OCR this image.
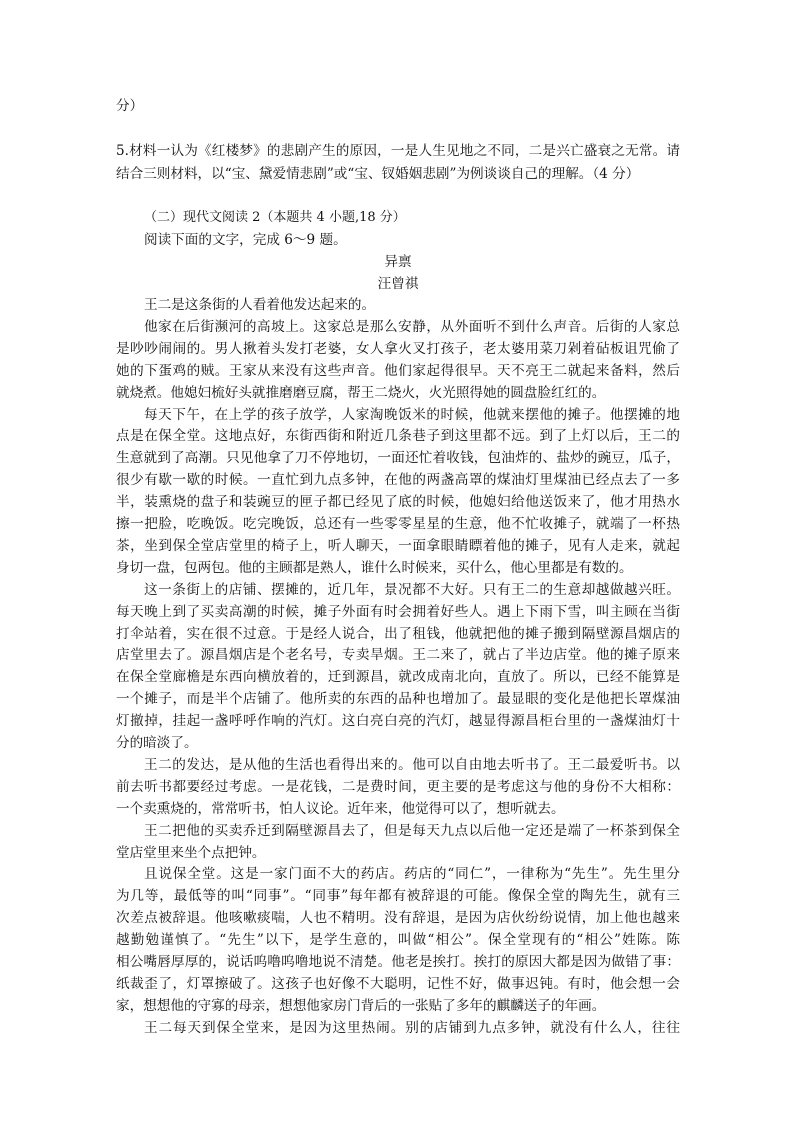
分）
5.材料一认为《红楼梦》的悲剧产生的原因，一是人生见地之不同，二是兴亡盛衰之无常。请
结合三则材料，以“宝、黛爱情悲剧”或“宝、钗婚姻悲剧”为例谈谈自己的理解。（4 分）
（二）现代文阅读 2（本题共 4 小题,18 分）
阅读下面的文字，完成 6～9 题。
异禀
汪曾祺
王二是这条街的人看着他发达起来的。
他家在后街濒河的高坡上。这家总是那么安静，从外面听不到什么声音。后街的人家总
是吵吵闹闹的。男人揪着头发打老婆，女人拿火叉打孩子，老太婆用菜刀剁着砧板诅咒偷了
她的下蛋鸡的贼。王家从来没有这些声音。他们家起得很早。天不亮王二就起来备料，然后
就烧煮。他媳妇梳好头就推磨磨豆腐，帮王二烧火，火光照得她的圆盘脸红红的。
每天下午，在上学的孩子放学，人家淘晚饭米的时候，他就来摆他的摊子。他摆摊的地
点是在保全堂。这地点好，东街西街和附近几条巷子到这里都不远。到了上灯以后，王二的
生意就到了高潮。只见他拿了刀不停地切，一面还忙着收钱，包油炸的、盐炒的豌豆，瓜子，
很少有歇一歇的时候。一直忙到九点多钟，在他的两盏高罩的煤油灯里煤油已经点去了一多
半，装熏烧的盘子和装豌豆的匣子都已经见了底的时候，他媳妇给他送饭来了，他才用热水
擦一把脸，吃晚饭。吃完晚饭，总还有一些零零星星的生意，他不忙收摊子，就端了一杯热
茶，坐到保全堂店堂里的椅子上，听人聊天，一面拿眼睛瞟着他的摊子，见有人走来，就起
身切一盘，包两包。他的主顾都是熟人，谁什么时候来，买什么，他心里都是有数的。
这一条街上的店铺、摆摊的，近几年，景况都不大好。只有王二的生意却越做越兴旺。
每天晚上到了买卖高潮的时候，摊子外面有时会拥着好些人。遇上下雨下雪，叫主顾在当街
打伞站着，实在很不过意。于是经人说合，出了租钱，他就把他的摊子搬到隔壁源昌烟店的
店堂里去了。源昌烟店是个老名号，专卖旱烟。王二来了，就占了半边店堂。他的摊子原来
在保全堂廊檐是东西向横放着的，迁到源昌，就改成南北向，直放了。所以，已经不能算是
一个摊子，而是半个店铺了。他所卖的东西的品种也增加了。最显眼的变化是他把长罩煤油
灯撤掉，挂起一盏呼呼作响的汽灯。这白亮白亮的汽灯，越显得源昌柜台里的一盏煤油灯十
分的暗淡了。
王二的发达，是从他的生活也看得出来的。他可以自由地去听书了。王二最爱听书。以
前去听书都要经过考虑。一是花钱，二是费时间，更主要的是考虑这与他的身份不大相称：
一个卖熏烧的，常常听书，怕人议论。近年来，他觉得可以了，想听就去。
王二把他的买卖乔迁到隔壁源昌去了，但是每天九点以后他一定还是端了一杯茶到保全
堂店堂里来坐个点把钟。
且说保全堂。这是一家门面不大的药店。药店的“同仁”，一律称为“先生”。先生里分
为几等，最低等的叫“同事”。“同事”每年都有被辞退的可能。像保全堂的陶先生，就有三
次差点被辞退。他咳嗽痰喘，人也不精明。没有辞退，是因为店伙纷纷说情，加上他也越来
越勤勉谨慎了。“先生”以下，是学生意的，叫做“相公”。保全堂现有的“相公”姓陈。陈
相公嘴唇厚厚的，说话呜噜呜噜地说不清楚。他老是挨打。挨打的原因大都是因为做错了事：
纸裁歪了，灯罩擦破了。这孩子也好像不大聪明，记性不好，做事迟钝。有时，他会想一会
家，想想他的守寡的母亲，想想他家房门背后的一张贴了多年的麒麟送子的年画。
王二每天到保全堂来，是因为这里热闹。别的店铺到九点多钟，就没有什么人，往往
